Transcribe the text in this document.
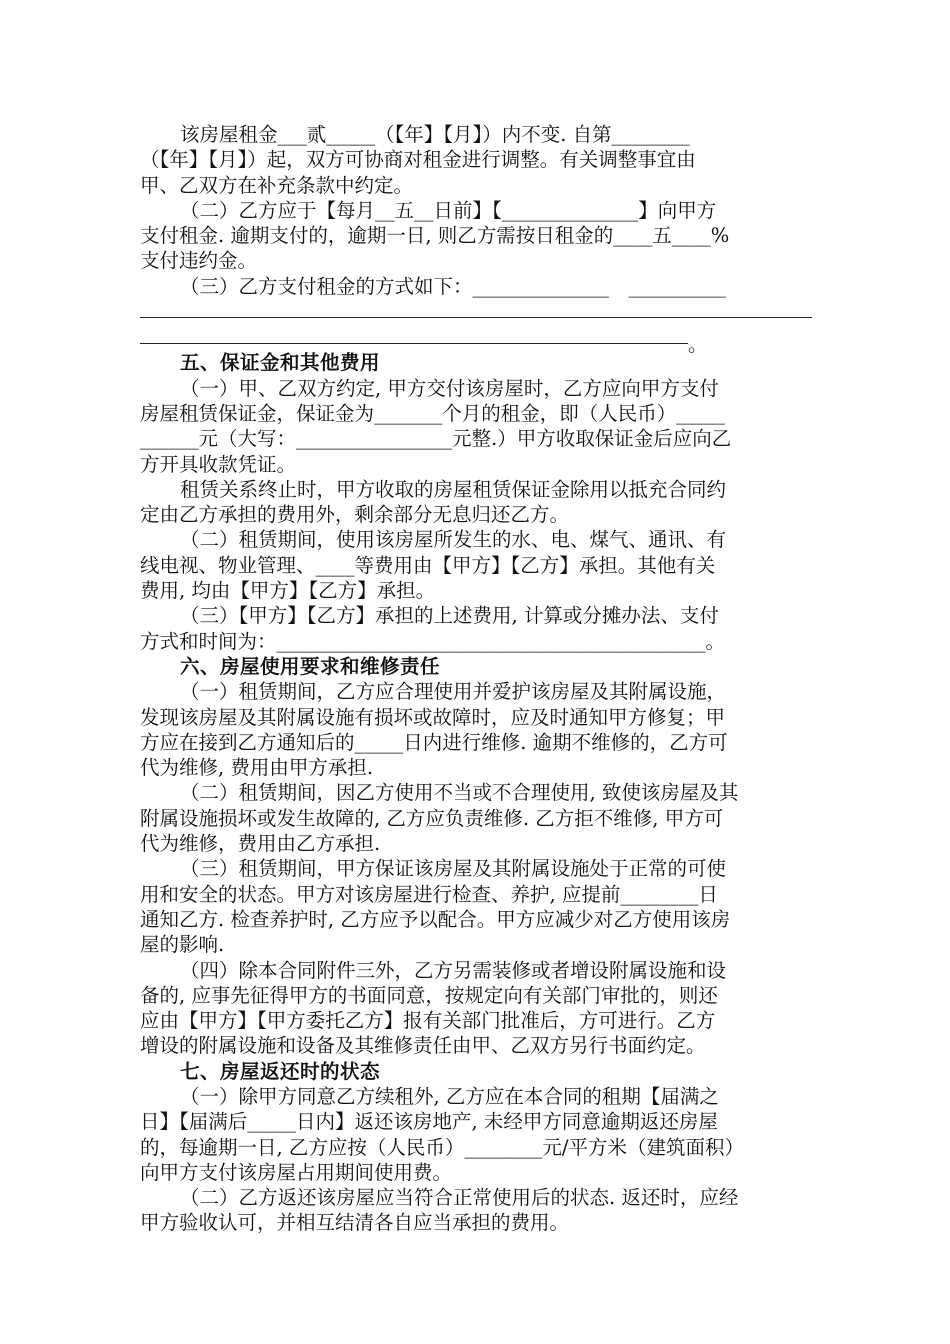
该房屋租金___贰_____（【年】【月】）内不变. 自第________
（【年】【月】）起，双方可协商对租金进行调整。有关调整事宜由
甲、乙双方在补充条款中约定。
（二）乙方应于【每月__五__日前】【______________】向甲方
支付租金. 逾期支付的，逾期一日, 则乙方需按日租金的____五____%
支付违约金。
（三）乙方支付租金的方式如下：______________　__________
。
五、保证金和其他费用
（一）甲、乙双方约定, 甲方交付该房屋时，乙方应向甲方支付
房屋租赁保证金，保证金为_______个月的租金，即（人民币）_____
______元（大写：________________元整.）甲方收取保证金后应向乙
方开具收款凭证。
租赁关系终止时，甲方收取的房屋租赁保证金除用以抵充合同约
定由乙方承担的费用外，剩余部分无息归还乙方。
（二）租赁期间，使用该房屋所发生的水、电、煤气、通讯、有
线电视、物业管理、____等费用由【甲方】【乙方】承担。其他有关
费用, 均由【甲方】【乙方】承担。
（三）【甲方】【乙方】承担的上述费用, 计算或分摊办法、支付
方式和时间为：____________________________________________。
六、房屋使用要求和维修责任
（一）租赁期间，乙方应合理使用并爱护该房屋及其附属设施，
发现该房屋及其附属设施有损坏或故障时，应及时通知甲方修复；甲
方应在接到乙方通知后的_____日内进行维修. 逾期不维修的，乙方可
代为维修, 费用由甲方承担.
（二）租赁期间，因乙方使用不当或不合理使用, 致使该房屋及其
附属设施损坏或发生故障的, 乙方应负责维修. 乙方拒不维修, 甲方可
代为维修，费用由乙方承担.
（三）租赁期间，甲方保证该房屋及其附属设施处于正常的可使
用和安全的状态。甲方对该房屋进行检查、养护, 应提前________日
通知乙方. 检查养护时, 乙方应予以配合。甲方应减少对乙方使用该房
屋的影响.
（四）除本合同附件三外，乙方另需装修或者增设附属设施和设
备的, 应事先征得甲方的书面同意，按规定向有关部门审批的，则还
应由【甲方】【甲方委托乙方】报有关部门批准后，方可进行。乙方
增设的附属设施和设备及其维修责任由甲、乙双方另行书面约定。
七、房屋返还时的状态
（一）除甲方同意乙方续租外, 乙方应在本合同的租期【届满之
日】【届满后_____日内】返还该房地产, 未经甲方同意逾期返还房屋
的，每逾期一日, 乙方应按（人民币）________元/平方米（建筑面积）
向甲方支付该房屋占用期间使用费。
（二）乙方返还该房屋应当符合正常使用后的状态. 返还时，应经
甲方验收认可，并相互结清各自应当承担的费用。
